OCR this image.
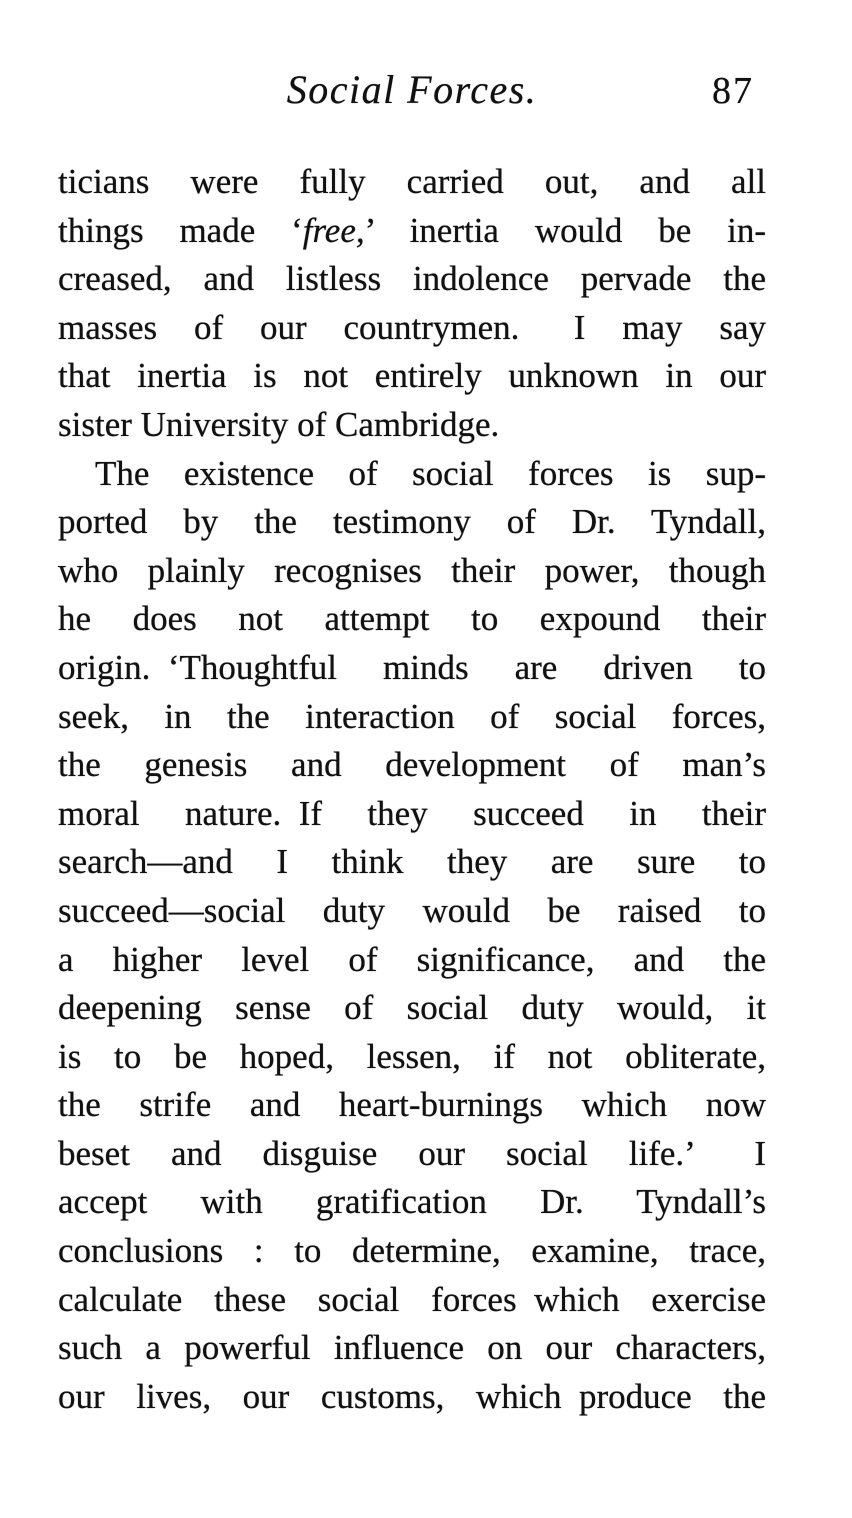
Social Forces.	87
ticians were fully carried out, and all
things made ‘free,’ inertia would be in-
creased, and listless indolence pervade the
masses of our countrymen.  I may say
that inertia is not entirely unknown in our
sister University of Cambridge.
The existence of social forces is sup-
ported by the testimony of Dr. Tyndall,
who plainly recognises their power, though
he does not attempt to expound their
origin. ‘Thoughtful minds are driven to
seek, in the interaction of social forces,
the genesis and development of man’s
moral nature. If they succeed in their
search—and I think they are sure to
succeed—social duty would be raised to
a higher level of significance, and the
deepening sense of social duty would, it
is to be hoped, lessen, if not obliterate,
the strife and heart-burnings which now
beset and disguise our social life.’  I
accept with gratification Dr. Tyndall’s
conclusions : to determine, examine, trace,
calculate these social forces which exercise
such a powerful influence on our characters,
our lives, our customs, which produce the
